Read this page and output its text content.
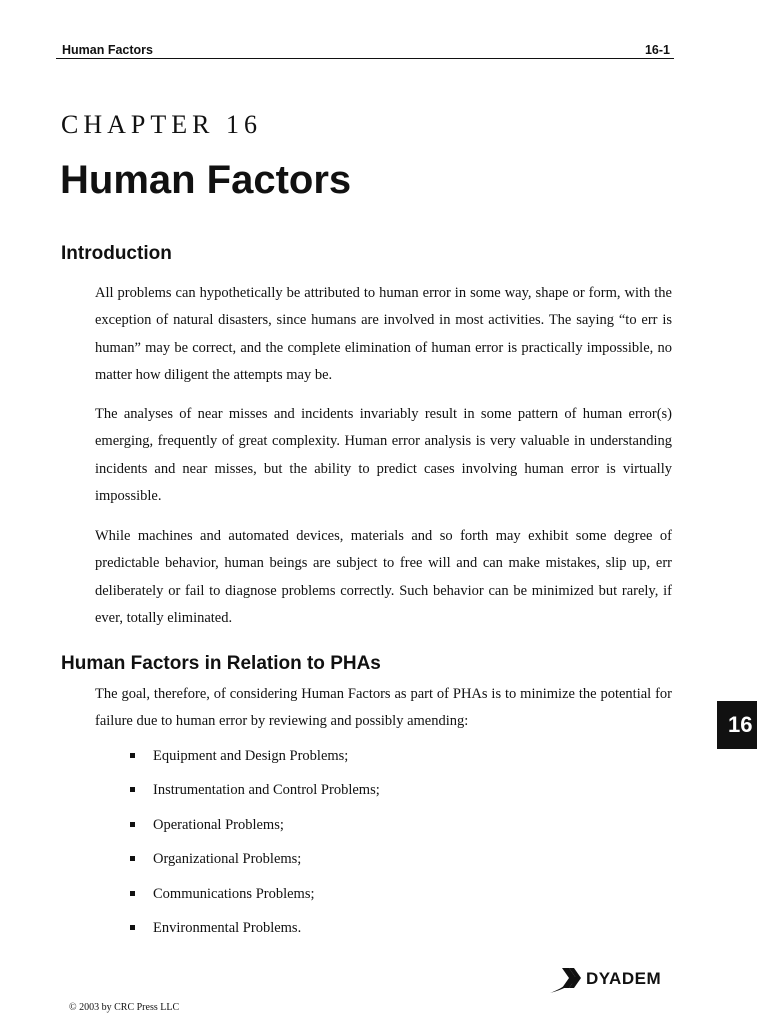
Human Factors	16-1
CHAPTER 16
Human Factors
Introduction

All problems can hypothetically be attributed to human error in some way, shape or form, with the exception of natural disasters, since humans are involved in most activities. The saying “to err is human” may be correct, and the complete elimination of human error is practically impossible, no matter how diligent the attempts may be.

The analyses of near misses and incidents invariably result in some pattern of human error(s) emerging, frequently of great complexity. Human error analysis is very valuable in understanding incidents and near misses, but the ability to predict cases involving human error is virtually impossible.

While machines and automated devices, materials and so forth may exhibit some degree of predictable behavior, human beings are subject to free will and can make mistakes, slip up, err deliberately or fail to diagnose problems correctly. Such behavior can be minimized but rarely, if ever, totally eliminated.

Human Factors in Relation to PHAs

The goal, therefore, of considering Human Factors as part of PHAs is to minimize the potential for failure due to human error by reviewing and possibly amending:

Equipment and Design Problems;
Instrumentation and Control Problems;
Operational Problems;
Organizational Problems;
Communications Problems;
Environmental Problems.
16
DYADEM
© 2003 by CRC Press LLC
